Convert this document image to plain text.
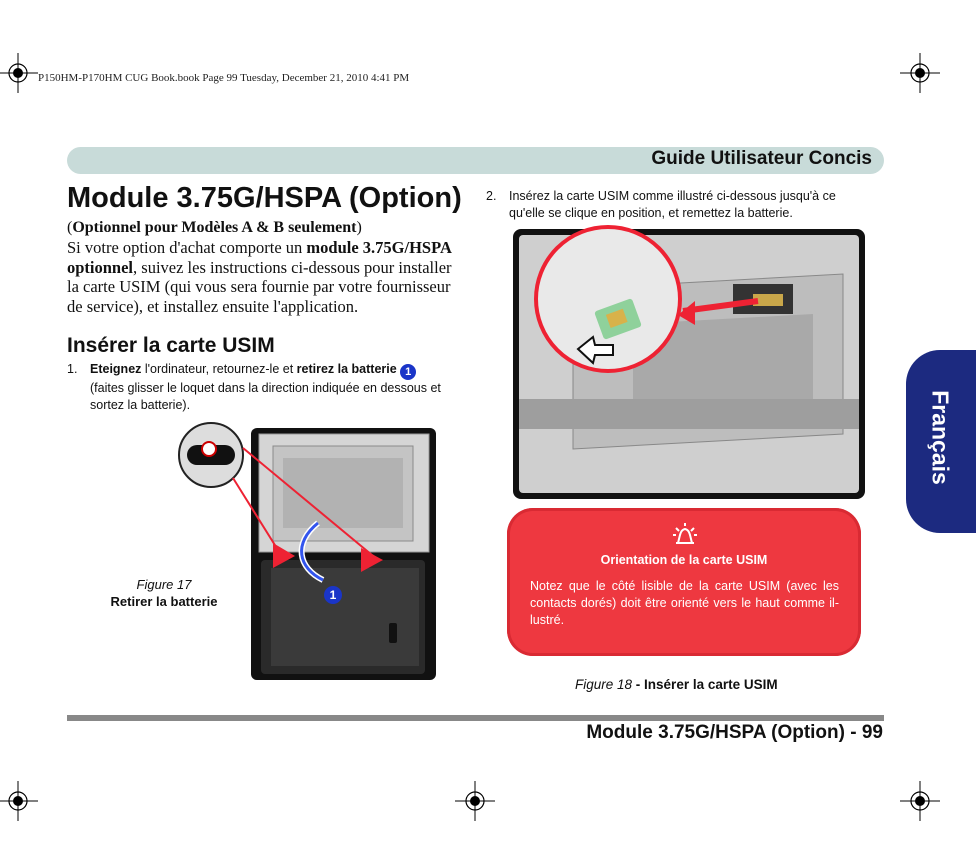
P150HM-P170HM CUG Book.book Page 99 Tuesday, December 21, 2010 4:41 PM
Guide Utilisateur Concis
Module 3.75G/HSPA (Option)
(Optionnel pour Modèles A & B seulement)
Si votre option d'achat comporte un module 3.75G/HSPA optionnel, suivez les instructions ci-dessous pour installer la carte USIM (qui vous sera fournie par votre fournisseur de service), et installez ensuite l'application.
Insérer la carte USIM
1. Eteignez l'ordinateur, retournez-le et retirez la batterie 1
(faites glisser le loquet dans la direction indiquée en dessous et sortez la batterie).
1
Figure 17
Retirer la batterie
2. Insérez la carte USIM comme illustré ci-dessous jusqu'à ce qu'elle se clique en position, et remettez la batterie.
Orientation de la carte USIM
Notez que le côté lisible de la carte USIM (avec les contacts dorés) doit être orienté vers le haut comme il-lustré.
Figure 18 - Insérer la carte USIM
Français
Module 3.75G/HSPA (Option) - 99
